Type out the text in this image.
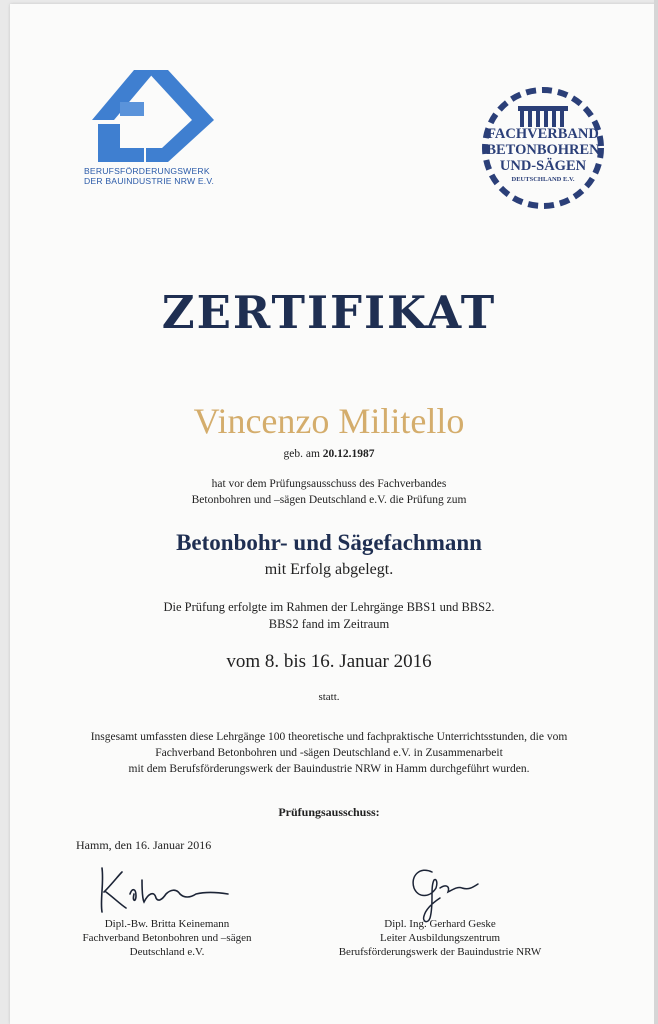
BERUFSFÖRDERUNGSWERK
DER BAUINDUSTRIE NRW E.V.
FACHVERBAND
BETONBOHREN
UND-SÄGEN
DEUTSCHLAND E.V.
ZERTIFIKAT
Vincenzo Militello
geb. am 20.12.1987
hat vor dem Prüfungsausschuss des Fachverbandes
Betonbohren und –sägen Deutschland e.V. die Prüfung zum
Betonbohr- und Sägefachmann
mit Erfolg abgelegt.
Die Prüfung erfolgte im Rahmen der Lehrgänge BBS1 und BBS2.
BBS2 fand im Zeitraum
vom 8. bis 16. Januar 2016
statt.
Insgesamt umfassten diese Lehrgänge 100 theoretische und fachpraktische Unterrichtsstunden, die vom
Fachverband Betonbohren und -sägen Deutschland e.V. in Zusammenarbeit
mit dem Berufsförderungswerk der Bauindustrie NRW in Hamm durchgeführt wurden.
Prüfungsausschuss:
Hamm, den 16. Januar 2016
Dipl.-Bw. Britta Keinemann
Fachverband Betonbohren und –sägen
Deutschland e.V.
Dipl. Ing. Gerhard Geske
Leiter Ausbildungszentrum
Berufsförderungswerk der Bauindustrie NRW
